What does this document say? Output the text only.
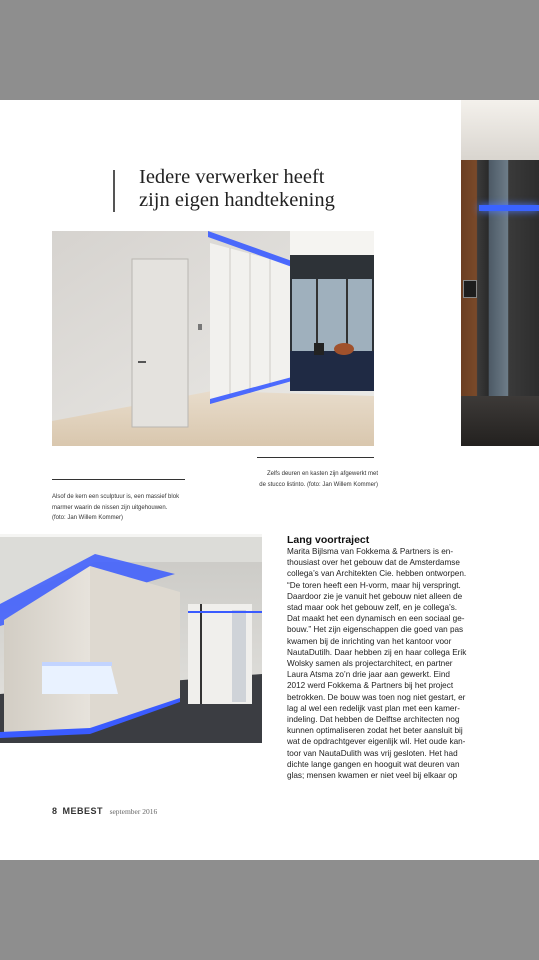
Iedere verwerker heeft
zijn eigen handtekening

Zelfs deuren en kasten zijn afgewerkt met
de stucco listinto. (foto: Jan Willem Kommer)

Alsof de kern een sculptuur is, een massief blok
marmer waarin de nissen zijn uitgehouwen.
(foto: Jan Willem Kommer)

Lang voortraject
Marita Bijlsma van Fokkema & Partners is en-
thousiast over het gebouw dat de Amsterdamse
collega’s van Architekten Cie. hebben ontworpen.
“De toren heeft een H-vorm, maar hij verspringt.
Daardoor zie je vanuit het gebouw niet alleen de
stad maar ook het gebouw zelf, en je collega’s.
Dat maakt het een dynamisch en een sociaal ge-
bouw.” Het zijn eigenschappen die goed van pas
kwamen bij de inrichting van het kantoor voor
NautaDutilh. Daar hebben zij en haar collega Erik
Wolsky samen als projectarchitect, en partner
Laura Atsma zo’n drie jaar aan gewerkt. Eind
2012 werd Fokkema & Partners bij het project
betrokken. De bouw was toen nog niet gestart, er
lag al wel een redelijk vast plan met een kamer-
indeling. Dat hebben de Delftse architecten nog
kunnen optimaliseren zodat het beter aansluit bij
wat de opdrachtgever eigenlijk wil. Het oude kan-
toor van NautaDulith was vrij gesloten. Het had
dichte lange gangen en hooguit wat deuren van
glas; mensen kwamen er niet veel bij elkaar op
8 MEBEST september 2016
